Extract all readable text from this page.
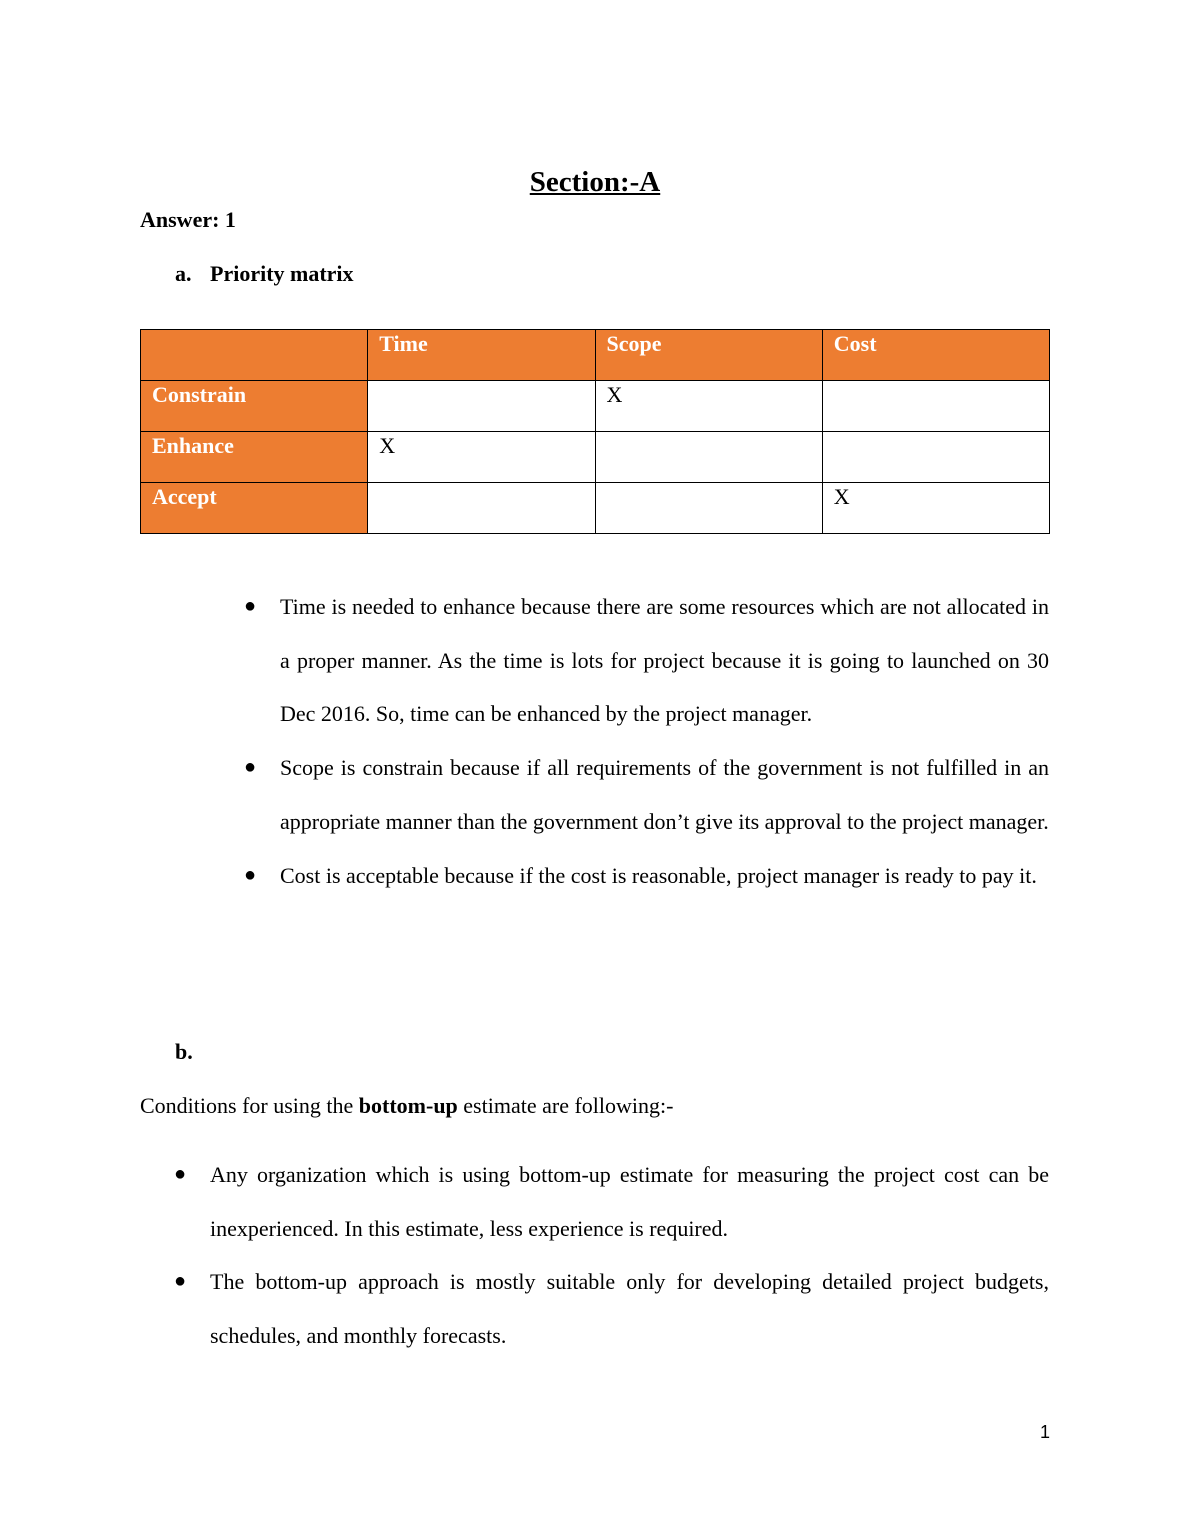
Section:-A
Answer: 1
a. Priority matrix
	Time	Scope	Cost
Constrain		X	
Enhance	X		
Accept			X
● Time is needed to enhance because there are some resources which are not allocated in a proper manner. As the time is lots for project because it is going to launched on 30 Dec 2016. So, time can be enhanced by the project manager.
● Scope is constrain because if all requirements of the government is not fulfilled in an appropriate manner than the government don’t give its approval to the project manager.
● Cost is acceptable because if the cost is reasonable, project manager is ready to pay it.
b.
Conditions for using the bottom-up estimate are following:-
● Any organization which is using bottom-up estimate for measuring the project cost can be inexperienced. In this estimate, less experience is required.
● The bottom-up approach is mostly suitable only for developing detailed project budgets, schedules, and monthly forecasts.
1
